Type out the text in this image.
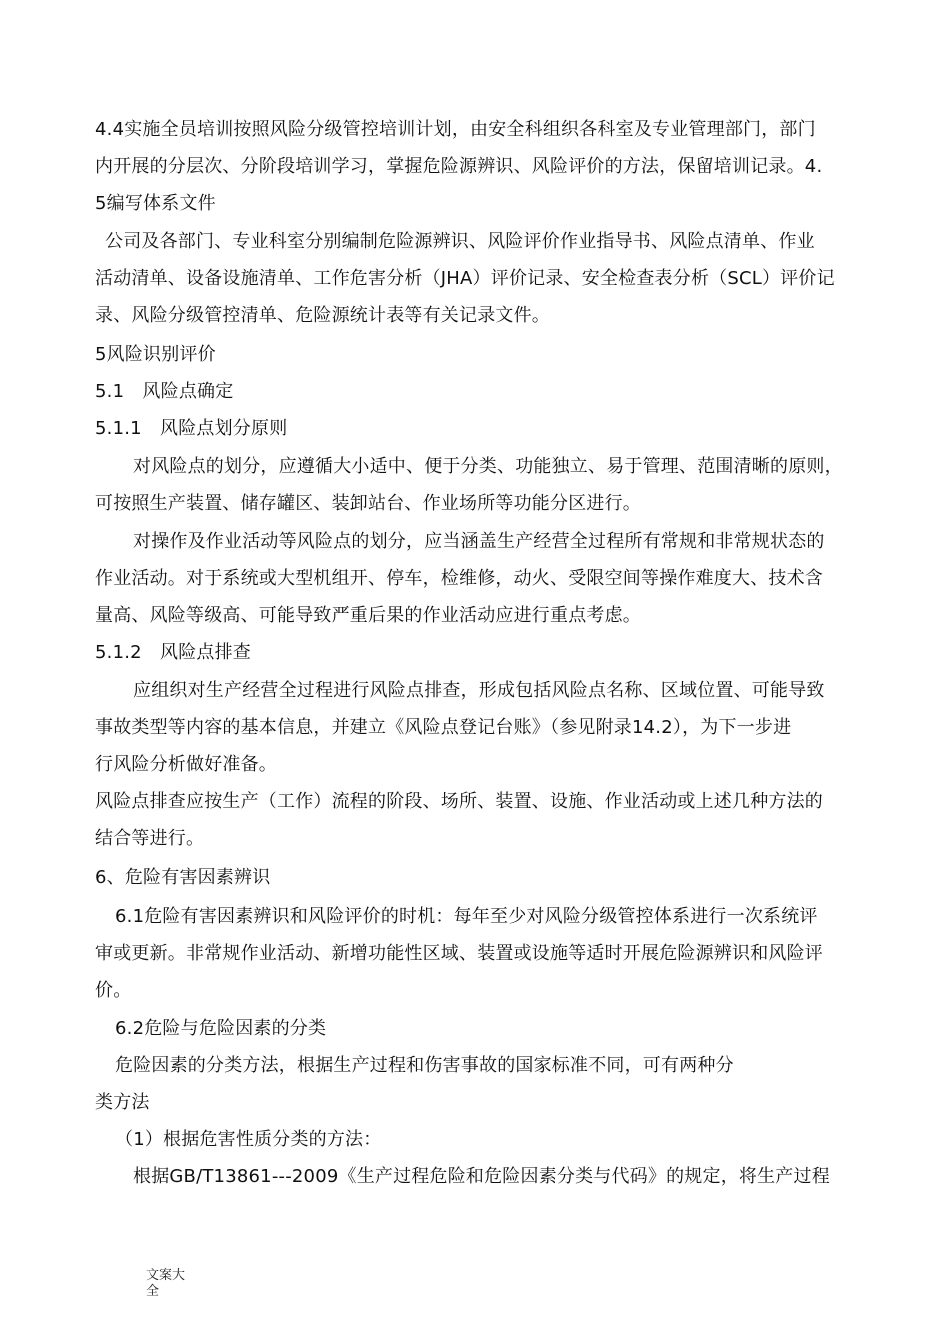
4.4实施全员培训按照风险分级管控培训计划，由安全科组织各科室及专业管理部门，部门
内开展的分层次、分阶段培训学习，掌握危险源辨识、风险评价的方法，保留培训记录。4.
5编写体系文件
公司及各部门、专业科室分别编制危险源辨识、风险评价作业指导书、风险点清单、作业
活动清单、设备设施清单、工作危害分析（JHA）评价记录、安全检查表分析（SCL）评价记
录、风险分级管控清单、危险源统计表等有关记录文件。
5风险识别评价
5.1　风险点确定
5.1.1　风险点划分原则
对风险点的划分，应遵循大小适中、便于分类、功能独立、易于管理、范围清晰的原则，
可按照生产装置、储存罐区、装卸站台、作业场所等功能分区进行。
对操作及作业活动等风险点的划分，应当涵盖生产经营全过程所有常规和非常规状态的
作业活动。对于系统或大型机组开、停车，检维修，动火、受限空间等操作难度大、技术含
量高、风险等级高、可能导致严重后果的作业活动应进行重点考虑。
5.1.2　风险点排查
应组织对生产经营全过程进行风险点排查，形成包括风险点名称、区域位置、可能导致
事故类型等内容的基本信息，并建立《风险点登记台账》（参见附录14.2），为下一步进
行风险分析做好准备。
风险点排查应按生产（工作）流程的阶段、场所、装置、设施、作业活动或上述几种方法的
结合等进行。
6、危险有害因素辨识
6.1危险有害因素辨识和风险评价的时机：每年至少对风险分级管控体系进行一次系统评
审或更新。非常规作业活动、新增功能性区域、装置或设施等适时开展危险源辨识和风险评
价。
6.2危险与危险因素的分类
危险因素的分类方法，根据生产过程和伤害事故的国家标准不同，可有两种分
类方法
（1）根据危害性质分类的方法：
根据GB/T13861---2009《生产过程危险和危险因素分类与代码》的规定，将生产过程
文案大全
